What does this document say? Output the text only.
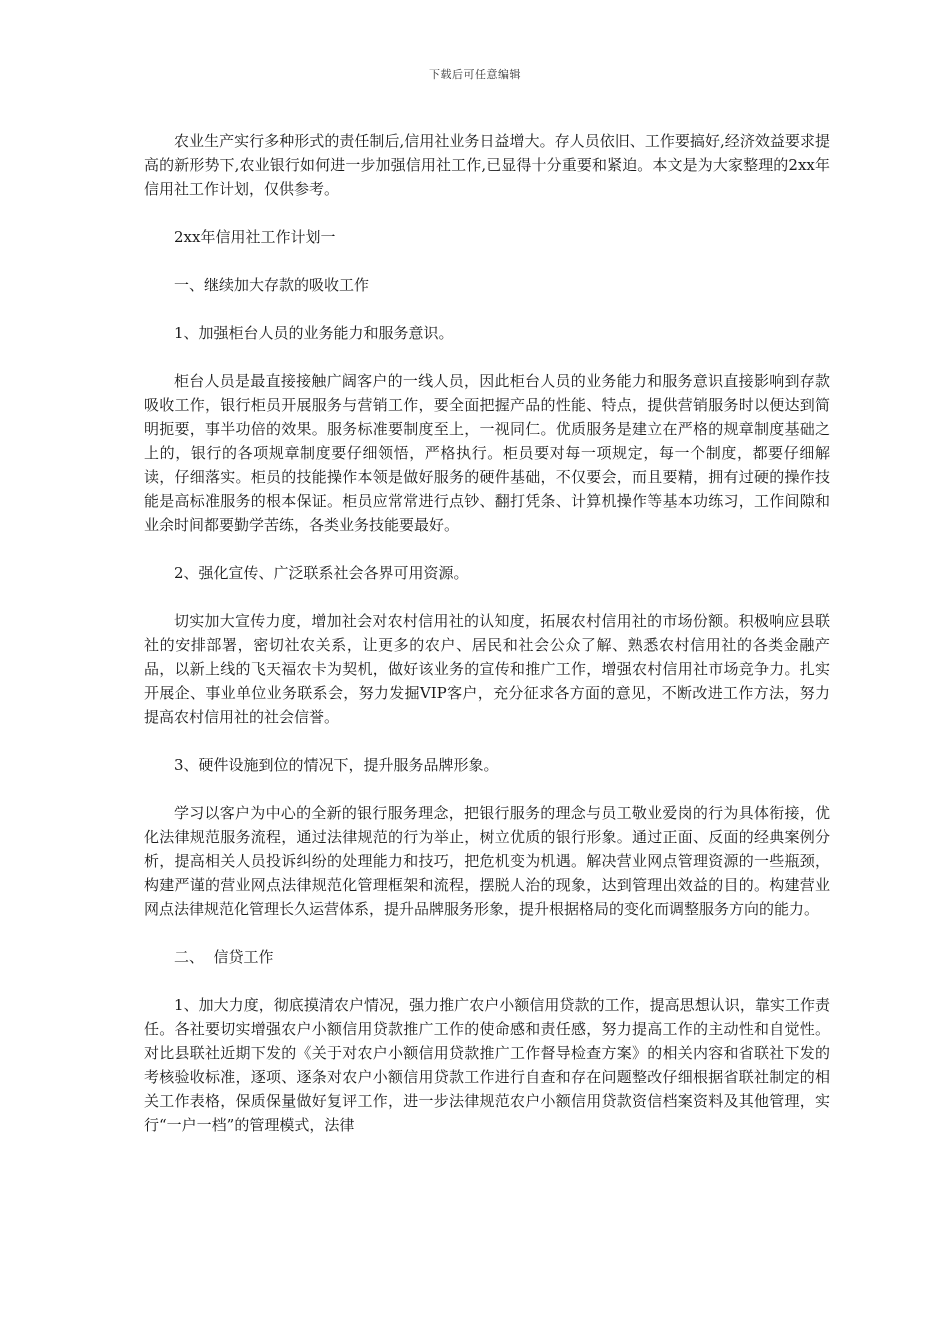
下载后可任意编辑

农业生产实行多种形式的责任制后,信用社业务日益增大。存人员依旧、工作要搞好,经济效益要求提高的新形势下,农业银行如何进一步加强信用社工作,已显得十分重要和紧迫。本文是为大家整理的2xx年信用社工作计划，仅供参考。

2xx年信用社工作计划一

一、继续加大存款的吸收工作

1、加强柜台人员的业务能力和服务意识。

柜台人员是最直接接触广阔客户的一线人员，因此柜台人员的业务能力和服务意识直接影响到存款吸收工作，银行柜员开展服务与营销工作，要全面把握产品的性能、特点，提供营销服务时以便达到简明扼要，事半功倍的效果。服务标准要制度至上，一视同仁。优质服务是建立在严格的规章制度基础之上的，银行的各项规章制度要仔细领悟，严格执行。柜员要对每一项规定，每一个制度，都要仔细解读，仔细落实。柜员的技能操作本领是做好服务的硬件基础，不仅要会，而且要精，拥有过硬的操作技能是高标准服务的根本保证。柜员应常常进行点钞、翻打凭条、计算机操作等基本功练习，工作间隙和业余时间都要勤学苦练，各类业务技能要最好。

2、强化宣传、广泛联系社会各界可用资源。

切实加大宣传力度，增加社会对农村信用社的认知度，拓展农村信用社的市场份额。积极响应县联社的安排部署，密切社农关系，让更多的农户、居民和社会公众了解、熟悉农村信用社的各类金融产品，以新上线的飞天福农卡为契机，做好该业务的宣传和推广工作，增强农村信用社市场竞争力。扎实开展企、事业单位业务联系会，努力发掘VIP客户，充分征求各方面的意见，不断改进工作方法，努力提高农村信用社的社会信誉。

3、硬件设施到位的情况下，提升服务品牌形象。

学习以客户为中心的全新的银行服务理念，把银行服务的理念与员工敬业爱岗的行为具体衔接，优化法律规范服务流程，通过法律规范的行为举止，树立优质的银行形象。通过正面、反面的经典案例分析，提高相关人员投诉纠纷的处理能力和技巧，把危机变为机遇。解决营业网点管理资源的一些瓶颈，构建严谨的营业网点法律规范化管理框架和流程，摆脱人治的现象，达到管理出效益的目的。构建营业网点法律规范化管理长久运营体系，提升品牌服务形象，提升根据格局的变化而调整服务方向的能力。

二、  信贷工作

1、加大力度，彻底摸清农户情况，强力推广农户小额信用贷款的工作，提高思想认识，靠实工作责任。各社要切实增强农户小额信用贷款推广工作的使命感和责任感，努力提高工作的主动性和自觉性。对比县联社近期下发的《关于对农户小额信用贷款推广工作督导检查方案》的相关内容和省联社下发的考核验收标准，逐项、逐条对农户小额信用贷款工作进行自查和存在问题整改仔细根据省联社制定的相关工作表格，保质保量做好复评工作，进一步法律规范农户小额信用贷款资信档案资料及其他管理，实行“一户一档”的管理模式，法律
